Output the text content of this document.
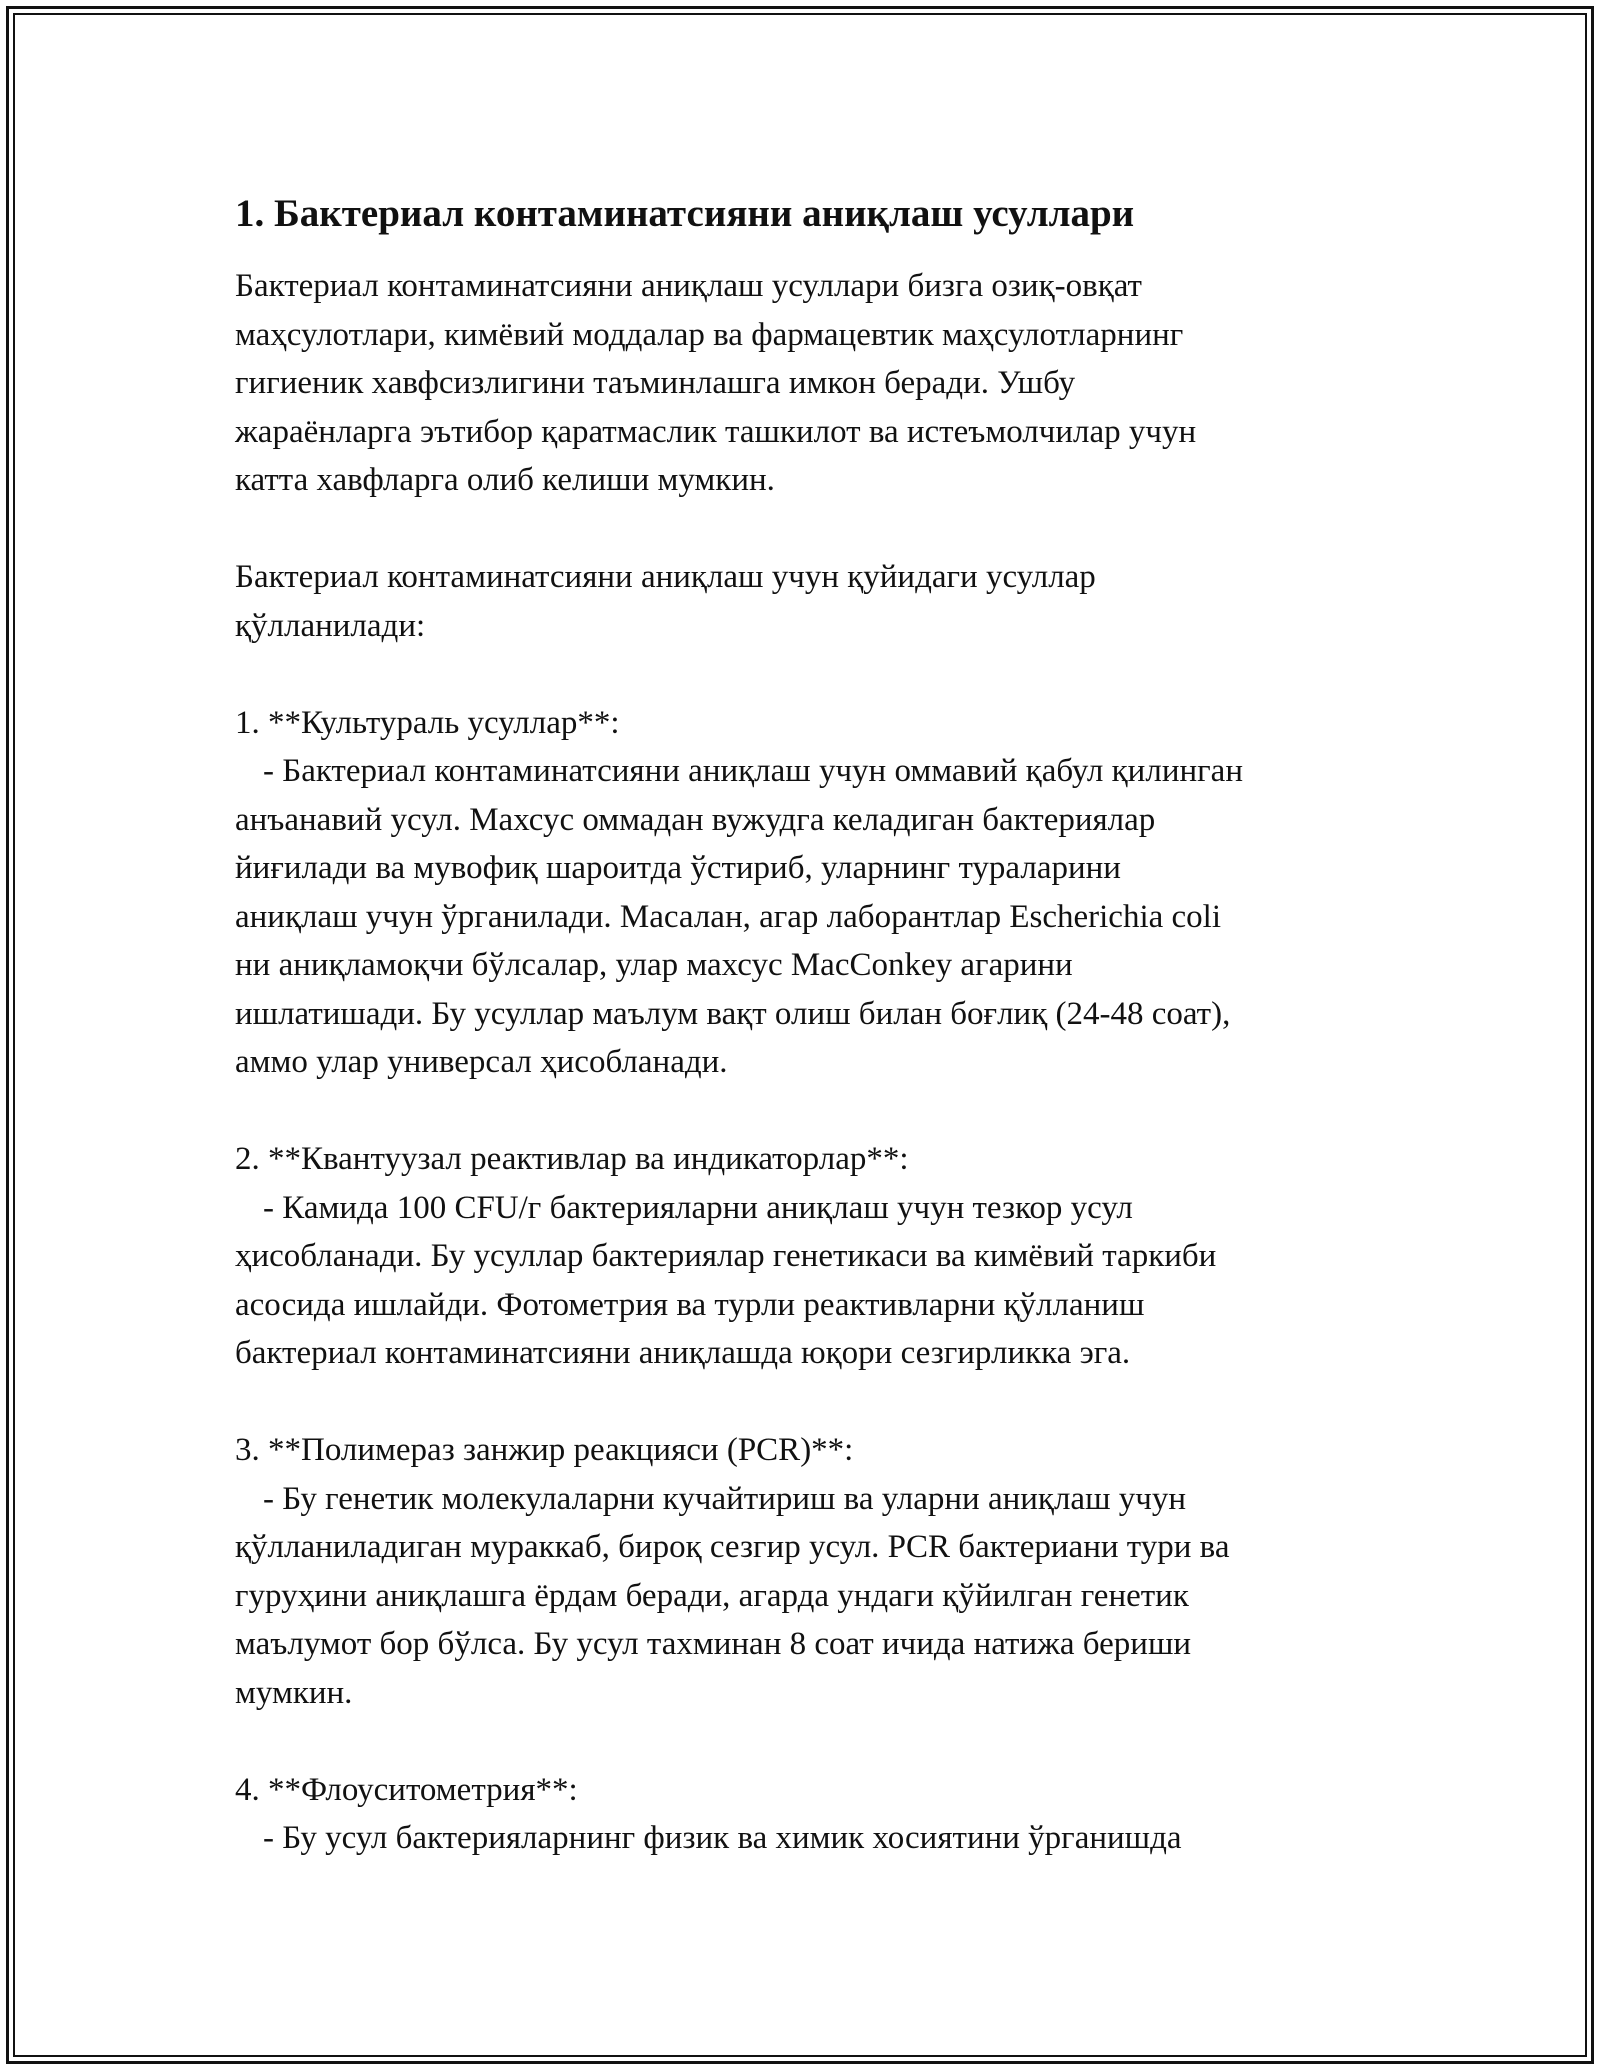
1. Бактериал контаминатсияни аниқлаш усуллари

Бактериал контаминатсияни аниқлаш усуллари бизга озиқ-овқат

маҳсулотлари, кимёвий моддалар ва фармацевтик маҳсулотларнинг

гигиеник хавфсизлигини таъминлашга имкон беради. Ушбу

жараёнларга эътибор қаратмаслик ташкилот ва истеъмолчилар учун

катта хавфларга олиб келиши мумкин.

Бактериал контаминатсияни аниқлаш учун қуйидаги усуллар

қўлланилади:

1. **Культураль усуллар**:

- Бактериал контаминатсияни аниқлаш учун оммавий қабул қилинган

анъанавий усул. Махсус оммадан вужудга келадиган бактериялар

йиғилади ва мувофиқ шароитда ўстириб, уларнинг тураларини

аниқлаш учун ўрганилади. Масалан, агар лаборантлар Escherichia coli

ни аниқламоқчи бўлсалар, улар махсус MacConkey агарини

ишлатишади. Бу усуллар маълум вақт олиш билан боғлиқ (24-48 соат),

аммо улар универсал ҳисобланади.

2. **Квантуузал реактивлар ва индикаторлар**:

- Камида 100 CFU/г бактерияларни аниқлаш учун тезкор усул

ҳисобланади. Бу усуллар бактериялар генетикаси ва кимёвий таркиби

асосида ишлайди. Фотометрия ва турли реактивларни қўлланиш

бактериал контаминатсияни аниқлашда юқори сезгирликка эга.

3. **Полимераз занжир реакцияси (PCR)**:

- Бу генетик молекулаларни кучайтириш ва уларни аниқлаш учун

қўлланиладиган мураккаб, бироқ сезгир усул. PCR бактериани тури ва

гуруҳини аниқлашга ёрдам беради, агарда ундаги қўйилган генетик

маълумот бор бўлса. Бу усул тахминан 8 соат ичида натижа бериши

мумкин.

4. **Флоуситометрия**:

- Бу усул бактерияларнинг физик ва химик хосиятини ўрганишда
